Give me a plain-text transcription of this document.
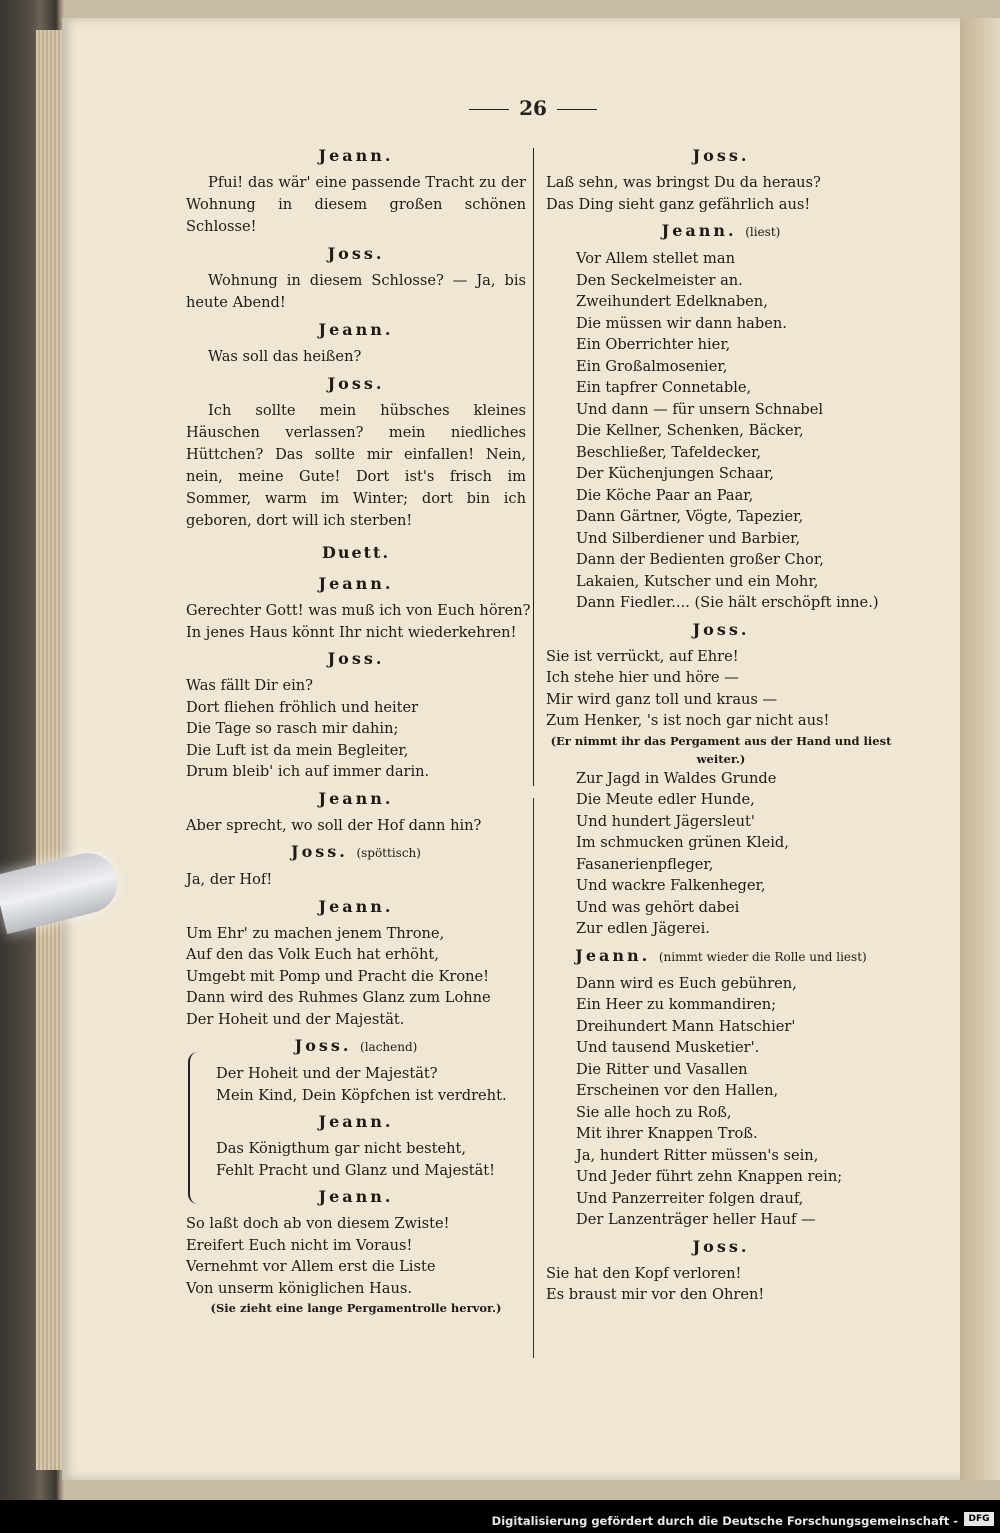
26
Jeann.
Pfui! das wär' eine passende Tracht zu der Wohnung in diesem großen schönen Schlosse!
Joss.
Wohnung in diesem Schlosse? — Ja, bis heute Abend!
Jeann.
Was soll das heißen?
Joss.
Ich sollte mein hübsches kleines Häuschen verlassen? mein niedliches Hüttchen? Das sollte mir einfallen! Nein, nein, meine Gute! Dort ist's frisch im Sommer, warm im Winter; dort bin ich geboren, dort will ich sterben!
Duett.
Jeann.
Gerechter Gott! was muß ich von Euch hören?
In jenes Haus könnt Ihr nicht wiederkehren!
Joss.
Was fällt Dir ein?
Dort fliehen fröhlich und heiter
Die Tage so rasch mir dahin;
Die Luft ist da mein Begleiter,
Drum bleib' ich auf immer darin.
Jeann.
Aber sprecht, wo soll der Hof dann hin?
Joss. (spöttisch)
Ja, der Hof!
Jeann.
Um Ehr' zu machen jenem Throne,
Auf den das Volk Euch hat erhöht,
Umgebt mit Pomp und Pracht die Krone!
Dann wird des Ruhmes Glanz zum Lohne
Der Hoheit und der Majestät.
Joss. (lachend)
Der Hoheit und der Majestät?
Mein Kind, Dein Köpfchen ist verdreht.
Jeann.
Das Königthum gar nicht besteht,
Fehlt Pracht und Glanz und Majestät!
Jeann.
So laßt doch ab von diesem Zwiste!
Ereifert Euch nicht im Voraus!
Vernehmt vor Allem erst die Liste
Von unserm königlichen Haus.
(Sie zieht eine lange Pergamentrolle hervor.)
Joss.
Laß sehn, was bringst Du da heraus?
Das Ding sieht ganz gefährlich aus!
Jeann. (liest)
Vor Allem stellet man
Den Seckelmeister an.
Zweihundert Edelknaben,
Die müssen wir dann haben.
Ein Oberrichter hier,
Ein Großalmosenier,
Ein tapfrer Connetable,
Und dann — für unsern Schnabel
Die Kellner, Schenken, Bäcker,
Beschließer, Tafeldecker,
Der Küchenjungen Schaar,
Die Köche Paar an Paar,
Dann Gärtner, Vögte, Tapezier,
Und Silberdiener und Barbier,
Dann der Bedienten großer Chor,
Lakaien, Kutscher und ein Mohr,
Dann Fiedler.... (Sie hält erschöpft inne.)
Joss.
Sie ist verrückt, auf Ehre!
Ich stehe hier und höre —
Mir wird ganz toll und kraus —
Zum Henker, 's ist noch gar nicht aus!
(Er nimmt ihr das Pergament aus der Hand und liest weiter.)
Zur Jagd in Waldes Grunde
Die Meute edler Hunde,
Und hundert Jägersleut'
Im schmucken grünen Kleid,
Fasanerienpfleger,
Und wackre Falkenheger,
Und was gehört dabei
Zur edlen Jägerei.
Jeann. (nimmt wieder die Rolle und liest)
Dann wird es Euch gebühren,
Ein Heer zu kommandiren;
Dreihundert Mann Hatschier'
Und tausend Musketier'.
Die Ritter und Vasallen
Erscheinen vor den Hallen,
Sie alle hoch zu Roß,
Mit ihrer Knappen Troß.
Ja, hundert Ritter müssen's sein,
Und Jeder führt zehn Knappen rein;
Und Panzerreiter folgen drauf,
Der Lanzenträger heller Hauf —
Joss.
Sie hat den Kopf verloren!
Es braust mir vor den Ohren!
Digitalisierung gefördert durch die Deutsche Forschungsgemeinschaft -	DFG
